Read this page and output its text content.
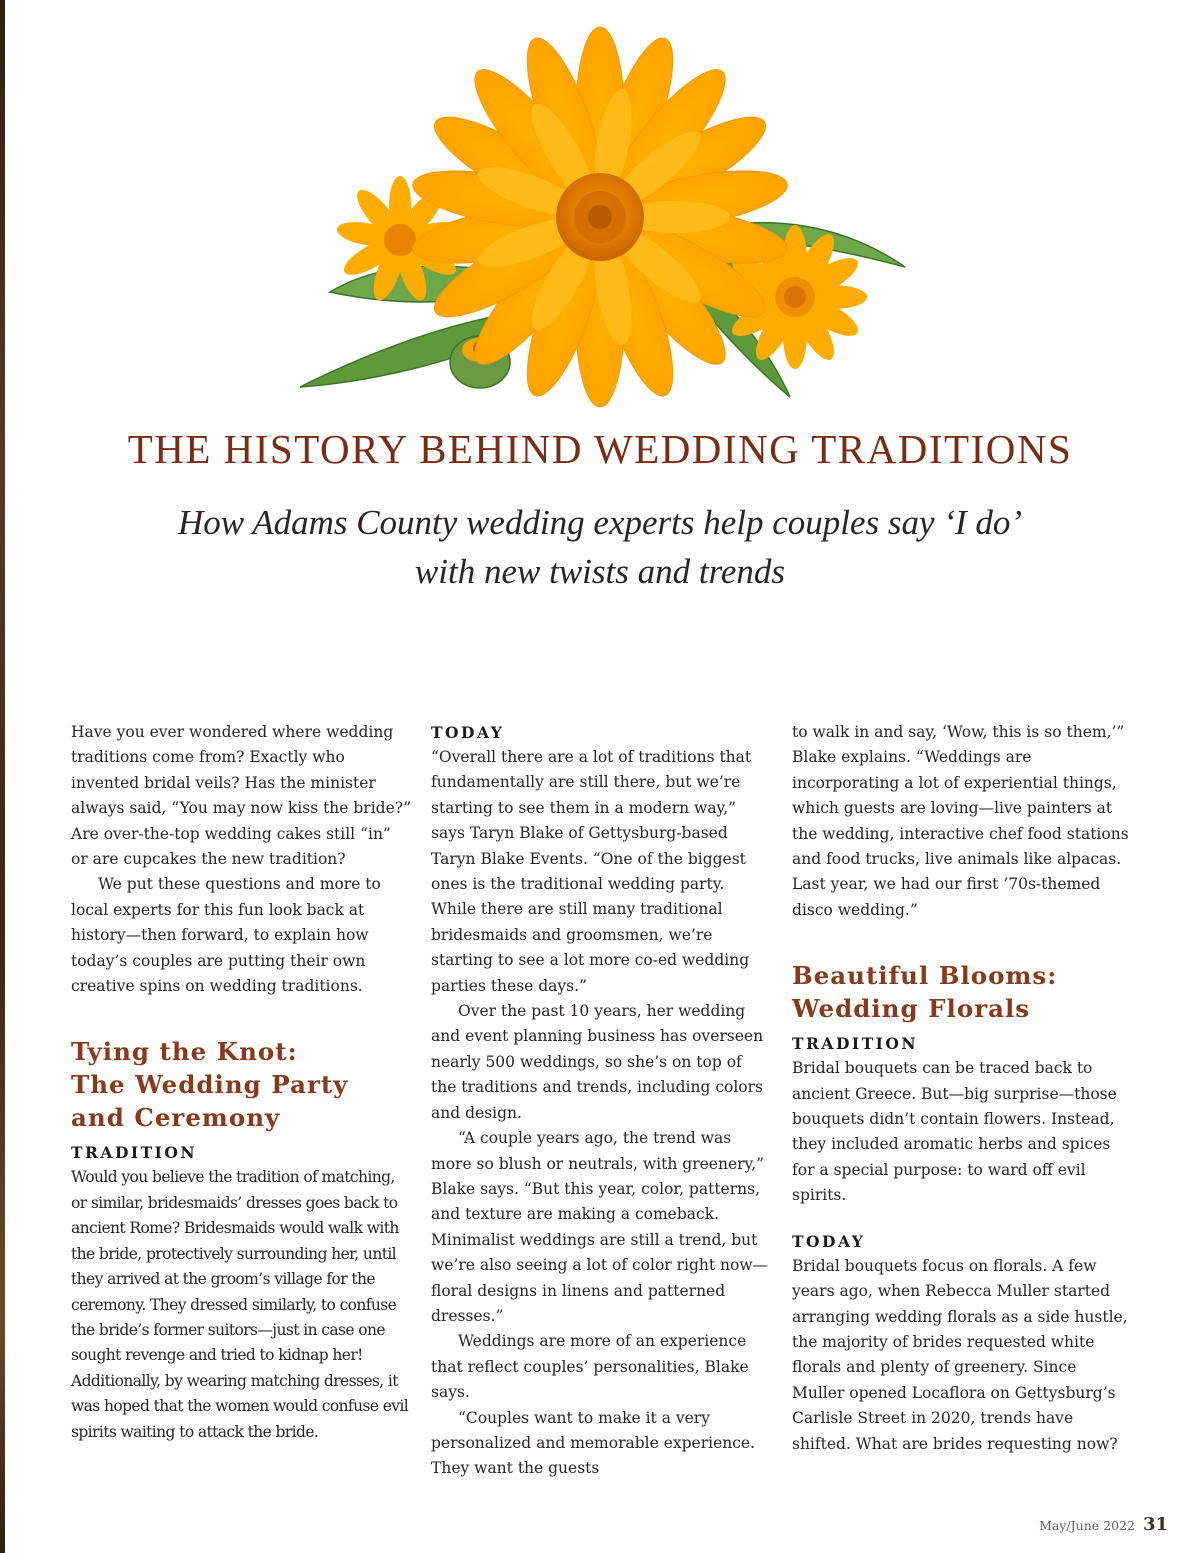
THE HISTORY BEHIND WEDDING TRADITIONS
How Adams County wedding experts help couples say ‘I do’
with new twists and trends

Have you ever wondered where wedding traditions come from? Exactly who invented bridal veils? Has the minister always said, “You may now kiss the bride?” Are over-the-top wedding cakes still “in” or are cupcakes the new tradition?

We put these questions and more to local experts for this fun look back at history—then forward, to explain how today’s couples are putting their own creative spins on wedding traditions.

Tying the Knot:
The Wedding Party
and Ceremony
TRADITION

Would you believe the tradition of matching, or similar, bridesmaids’ dresses goes back to ancient Rome? Bridesmaids would walk with the bride, protectively surrounding her, until they arrived at the groom’s village for the ceremony. They dressed similarly, to confuse the bride’s former suitors—just in case one sought revenge and tried to kidnap her! Additionally, by wearing matching dresses, it was hoped that the women would confuse evil spirits waiting to attack the bride.

TODAY

“Overall there are a lot of traditions that fundamentally are still there, but we’re starting to see them in a modern way,” says Taryn Blake of Gettysburg-based Taryn Blake Events. “One of the biggest ones is the traditional wedding party. While there are still many traditional bridesmaids and groomsmen, we’re starting to see a lot more co-ed wedding parties these days.”

Over the past 10 years, her wedding and event planning business has overseen nearly 500 weddings, so she’s on top of the traditions and trends, including colors and design.

“A couple years ago, the trend was more so blush or neutrals, with greenery,” Blake says. “But this year, color, patterns, and texture are making a comeback. Minimalist weddings are still a trend, but we’re also seeing a lot of color right now—floral designs in linens and patterned dresses.”

Weddings are more of an experience that reflect couples’ personalities, Blake says.

“Couples want to make it a very personalized and memorable experience. They want the guests

to walk in and say, ‘Wow, this is so them,’” Blake explains. “Weddings are incorporating a lot of experiential things, which guests are loving—live painters at the wedding, interactive chef food stations and food trucks, live animals like alpacas. Last year, we had our first ’70s-themed disco wedding.”

Beautiful Blooms:
Wedding Florals
TRADITION

Bridal bouquets can be traced back to ancient Greece. But—big surprise—those bouquets didn’t contain flowers. Instead, they included aromatic herbs and spices for a special purpose: to ward off evil spirits.

TODAY

Bridal bouquets focus on florals. A few years ago, when Rebecca Muller started arranging wedding florals as a side hustle, the majority of brides requested white florals and plenty of greenery. Since Muller opened Locaflora on Gettysburg’s Carlisle Street in 2020, trends have shifted. What are brides requesting now?

May/June 2022 31
